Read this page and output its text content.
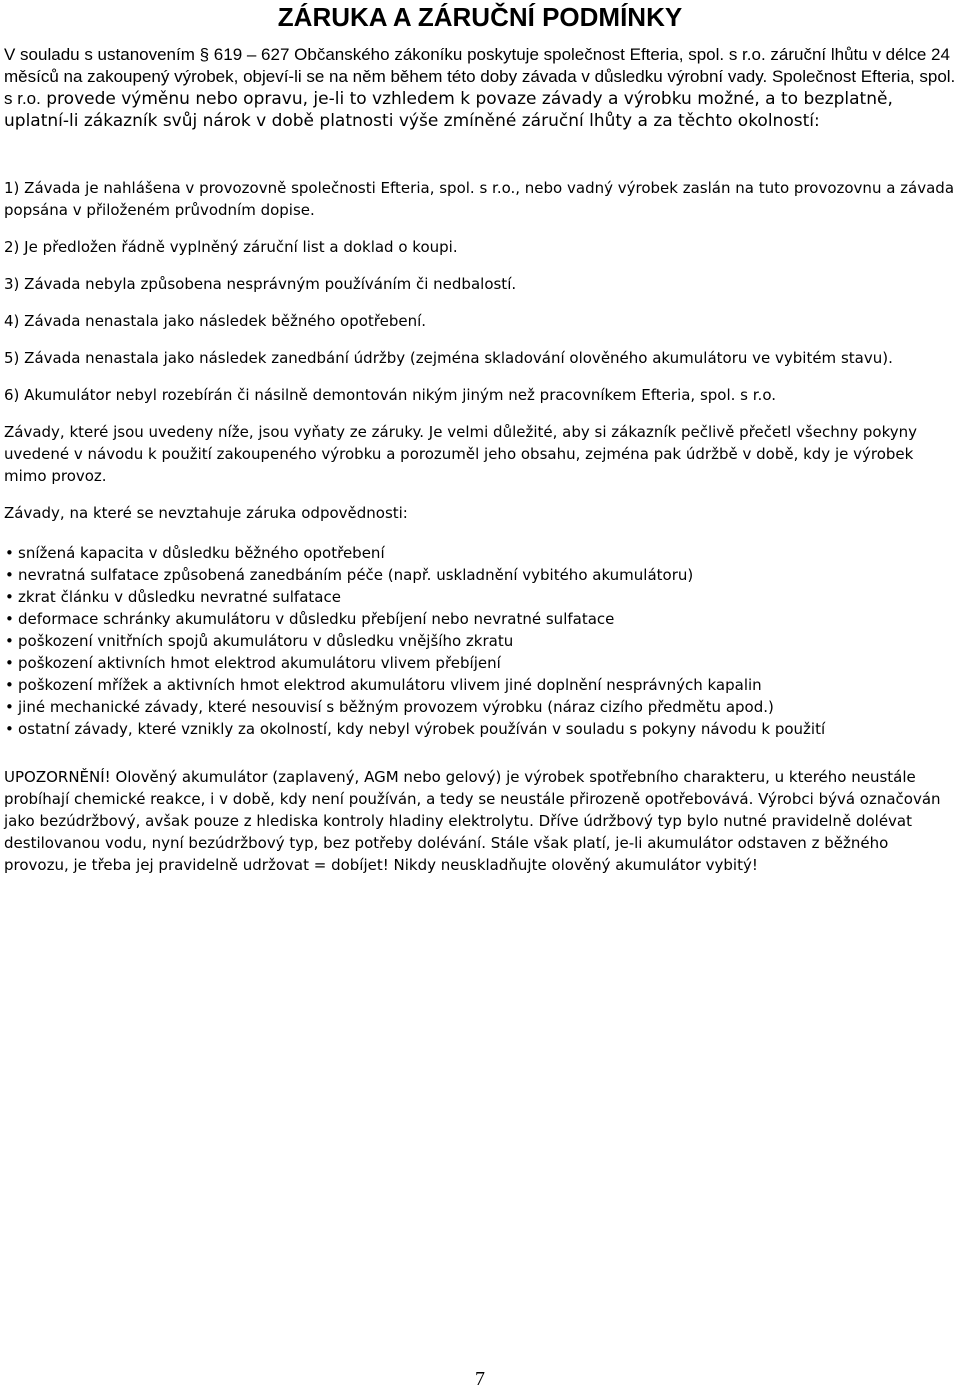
ZÁRUKA A ZÁRUČNÍ PODMÍNKY
V souladu s ustanovením § 619 – 627 Občanského zákoníku poskytuje společnost Efteria, spol. s r.o. záruční lhůtu v délce 24 měsíců na zakoupený výrobek, objeví-li se na něm během této doby závada v důsledku výrobní vady. Společnost Efteria, spol. s r.o. provede výměnu nebo opravu, je-li to vzhledem k povaze závady a výrobku možné, a to bezplatně, uplatní-li zákazník svůj nárok v době platnosti výše zmíněné záruční lhůty a za těchto okolností:

1) Závada je nahlášena v provozovně společnosti Efteria, spol. s r.o., nebo vadný výrobek zaslán na tuto provozovnu a závada popsána v přiloženém průvodním dopise.

2) Je předložen řádně vyplněný záruční list a doklad o koupi.

3) Závada nebyla způsobena nesprávným používáním či nedbalostí.

4) Závada nenastala jako následek běžného opotřebení.

5) Závada nenastala jako následek zanedbání údržby (zejména skladování olověného akumulátoru ve vybitém stavu).

6) Akumulátor nebyl rozebírán či násilně demontován nikým jiným než pracovníkem Efteria, spol. s r.o.

Závady, které jsou uvedeny níže, jsou vyňaty ze záruky. Je velmi důležité, aby si zákazník pečlivě přečetl všechny pokyny uvedené v návodu k použití zakoupeného výrobku a porozuměl jeho obsahu, zejména pak údržbě v době, kdy je výrobek mimo provoz.

Závady, na které se nevztahuje záruka odpovědnosti:

• snížená kapacita v důsledku běžného opotřebení
• nevratná sulfatace způsobená zanedbáním péče (např. uskladnění vybitého akumulátoru)
• zkrat článku v důsledku nevratné sulfatace
• deformace schránky akumulátoru v důsledku přebíjení nebo nevratné sulfatace
• poškození vnitřních spojů akumulátoru v důsledku vnějšího zkratu
• poškození aktivních hmot elektrod akumulátoru vlivem přebíjení
• poškození mřížek a aktivních hmot elektrod akumulátoru vlivem jiné doplnění nesprávných kapalin
• jiné mechanické závady, které nesouvisí s běžným provozem výrobku (náraz cizího předmětu apod.)
• ostatní závady, které vznikly za okolností, kdy nebyl výrobek používán v souladu s pokyny návodu k použití

UPOZORNĚNÍ! Olověný akumulátor (zaplavený, AGM nebo gelový) je výrobek spotřebního charakteru, u kterého neustále probíhají chemické reakce, i v době, kdy není používán, a tedy se neustále přirozeně opotřebovává. Výrobci bývá označován jako bezúdržbový, avšak pouze z hlediska kontroly hladiny elektrolytu. Dříve údržbový typ bylo nutné pravidelně dolévat destilovanou vodu, nyní bezúdržbový typ, bez potřeby dolévání. Stále však platí, je-li akumulátor odstaven z běžného provozu, je třeba jej pravidelně udržovat = dobíjet! Nikdy neuskladňujte olověný akumulátor vybitý!

7
